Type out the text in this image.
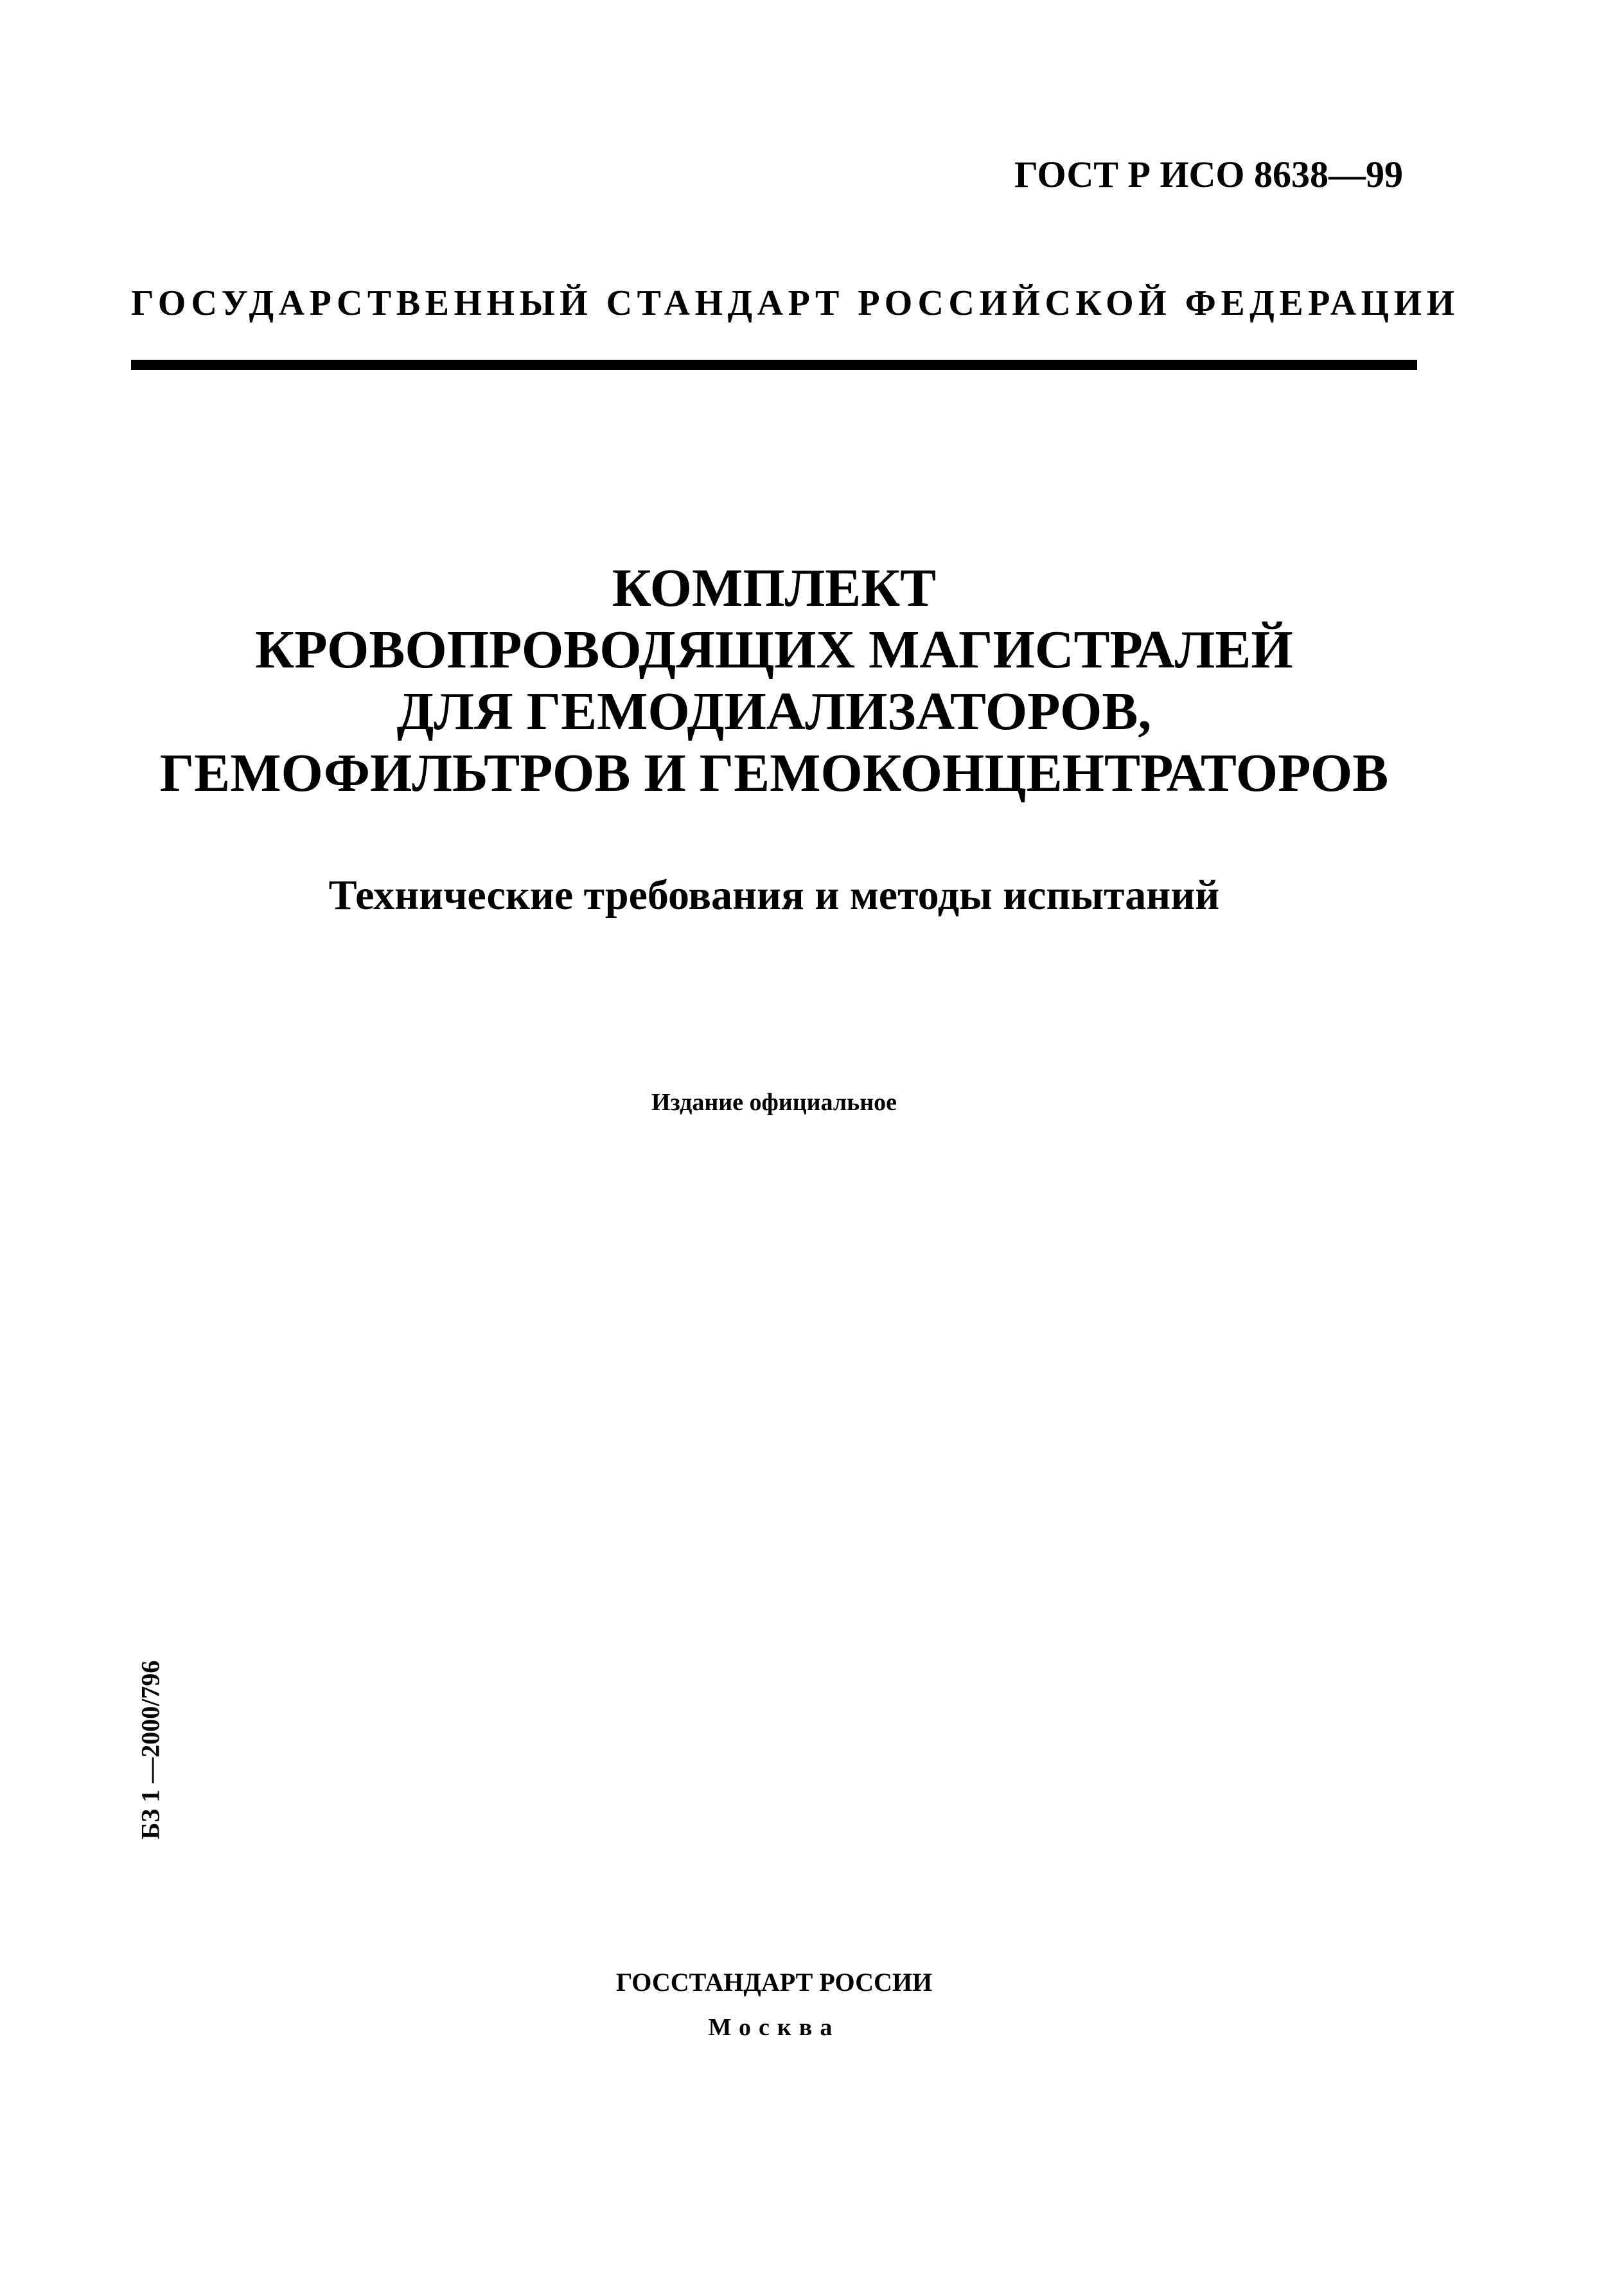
ГОСТ Р ИСО 8638—99
ГОСУДАРСТВЕННЫЙ СТАНДАРТ РОССИЙСКОЙ ФЕДЕРАЦИИ
КОМПЛЕКТ
КРОВОПРОВОДЯЩИХ МАГИСТРАЛЕЙ
ДЛЯ ГЕМОДИАЛИЗАТОРОВ,
ГЕМОФИЛЬТРОВ И ГЕМОКОНЦЕНТРАТОРОВ
Технические требования и методы испытаний
Издание официальное
БЗ 1 —2000/796
ГОССТАНДАРТ РОССИИ
Москва
